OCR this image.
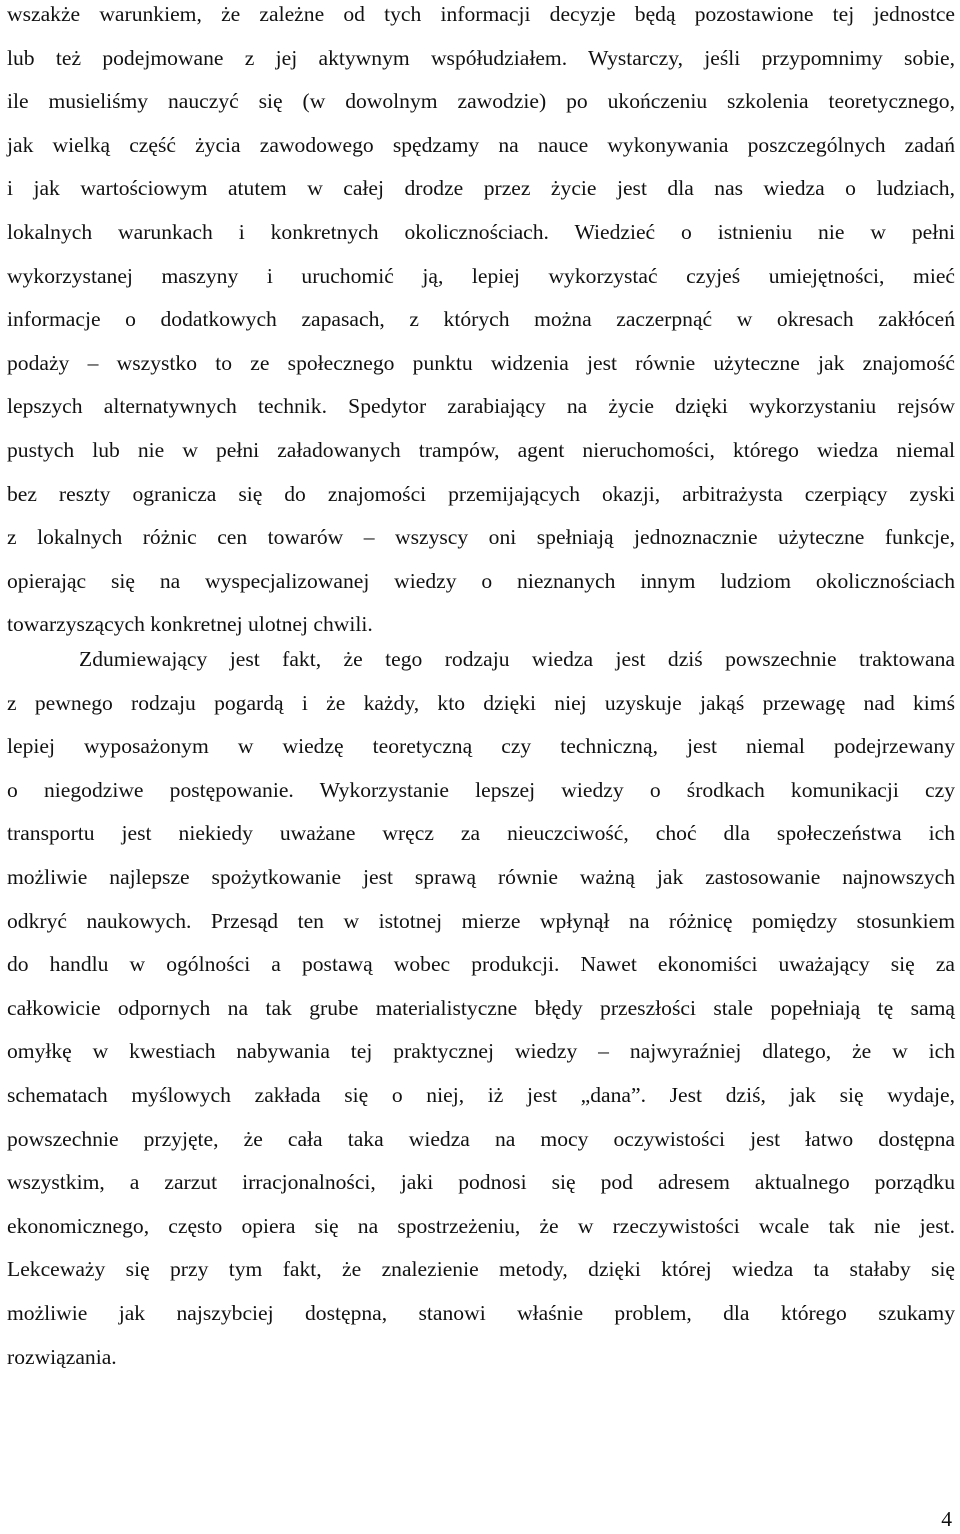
wszakże warunkiem, że zależne od tych informacji decyzje będą pozostawione tej jednostce
lub też podejmowane z jej aktywnym współudziałem. Wystarczy, jeśli przypomnimy sobie,
ile musieliśmy nauczyć się (w dowolnym zawodzie) po ukończeniu szkolenia teoretycznego,
jak wielką część życia zawodowego spędzamy na nauce wykonywania poszczególnych zadań
i jak wartościowym atutem w całej drodze przez życie jest dla nas wiedza o ludziach,
lokalnych warunkach i konkretnych okolicznościach. Wiedzieć o istnieniu nie w pełni
wykorzystanej maszyny i uruchomić ją, lepiej wykorzystać czyjeś umiejętności, mieć
informacje o dodatkowych zapasach, z których można zaczerpnąć w okresach zakłóceń
podaży – wszystko to ze społecznego punktu widzenia jest równie użyteczne jak znajomość
lepszych alternatywnych technik. Spedytor zarabiający na życie dzięki wykorzystaniu rejsów
pustych lub nie w pełni załadowanych trampów, agent nieruchomości, którego wiedza niemal
bez reszty ogranicza się do znajomości przemijających okazji, arbitrażysta czerpiący zyski
z lokalnych różnic cen towarów – wszyscy oni spełniają jednoznacznie użyteczne funkcje,
opierając się na wyspecjalizowanej wiedzy o nieznanych innym ludziom okolicznościach
towarzyszących konkretnej ulotnej chwili.
Zdumiewający jest fakt, że tego rodzaju wiedza jest dziś powszechnie traktowana
z pewnego rodzaju pogardą i że każdy, kto dzięki niej uzyskuje jakąś przewagę nad kimś
lepiej wyposażonym w wiedzę teoretyczną czy techniczną, jest niemal podejrzewany
o niegodziwe postępowanie. Wykorzystanie lepszej wiedzy o środkach komunikacji czy
transportu jest niekiedy uważane wręcz za nieuczciwość, choć dla społeczeństwa ich
możliwie najlepsze spożytkowanie jest sprawą równie ważną jak zastosowanie najnowszych
odkryć naukowych. Przesąd ten w istotnej mierze wpłynął na różnicę pomiędzy stosunkiem
do handlu w ogólności a postawą wobec produkcji. Nawet ekonomiści uważający się za
całkowicie odpornych na tak grube materialistyczne błędy przeszłości stale popełniają tę samą
omyłkę w kwestiach nabywania tej praktycznej wiedzy – najwyraźniej dlatego, że w ich
schematach myślowych zakłada się o niej, iż jest „dana”. Jest dziś, jak się wydaje,
powszechnie przyjęte, że cała taka wiedza na mocy oczywistości jest łatwo dostępna
wszystkim, a zarzut irracjonalności, jaki podnosi się pod adresem aktualnego porządku
ekonomicznego, często opiera się na spostrzeżeniu, że w rzeczywistości wcale tak nie jest.
Lekceważy się przy tym fakt, że znalezienie metody, dzięki której wiedza ta stałaby się
możliwie jak najszybciej dostępna, stanowi właśnie problem, dla którego szukamy
rozwiązania.
4
